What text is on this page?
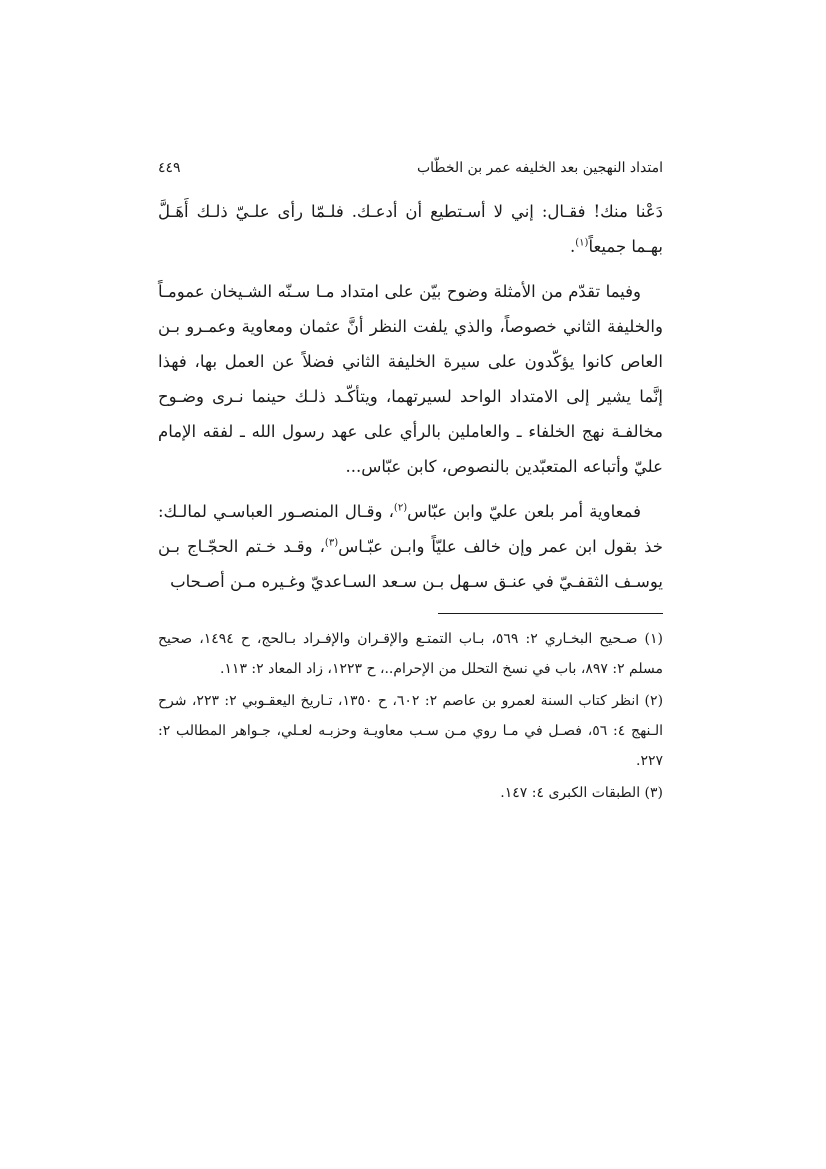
امتداد النهجين بعد الخليفه عمر بن الخطّاب
٤٤٩

دَعْنا منك! فقـال: إني لا أسـتطيع أن أدعـك. فلـمّا رأى علـيّ ذلـك أَهَـلَّ بهـما جميعاً$^{(١)}$.

وفيما تقدّم من الأمثلة وضوح بيّن على امتداد مـا سـنّه الشـيخان عمومـاً والخليفة الثاني خصوصاً، والذي يلفت النظر أنَّ عثمان ومعاوية وعمـرو بـن العاص كانوا يؤكّدون على سيرة الخليفة الثاني فضلاً عن العمل بها، فهذا إنَّما يشير إلى الامتداد الواحد لسيرتهما، ويتأكّـد ذلـك حينما نـرى وضـوح مخالفـة نهج الخلفاء ـ والعاملين بالرأي على عهد رسول الله ـ لفقه الإمام عليّ وأتباعه المتعبّدين بالنصوص، كابن عبّاس...

فمعاوية أمر بلعن عليّ وابن عبّاس$^{(٢)}$، وقـال المنصـور العباسـي لمالـك: خذ بقول ابن عمر وإن خالف عليّاً وابـن عبّـاس$^{(٣)}$، وقـد خـتم الحجّـاج بـن يوسـف الثقفـيّ في عنـق سـهل بـن سـعد السـاعديّ وغـيره مـن أصـحاب

(١) صـحيح البخـاري ٢: ٥٦٩، بـاب التمتـع والإقـران والإفـراد بـالحج، ح ١٤٩٤، صحيح مسلم ٢: ٨٩٧، باب في نسخ التحلل من الإحرام..، ح ١٢٢٣، زاد المعاد ٢: ١١٣.

(٢) انظر كتاب السنة لعمرو بن عاصم ٢: ٦٠٢، ح ١٣٥٠، تـاريخ اليعقـوبي ٢: ٢٢٣، شرح الـنهج ٤: ٥٦، فصـل في مـا روي مـن سـب معاويـة وحزبـه لعـلي، جـواهر المطالب ٢: ٢٢٧.

(٣) الطبقات الكبرى ٤: ١٤٧.
